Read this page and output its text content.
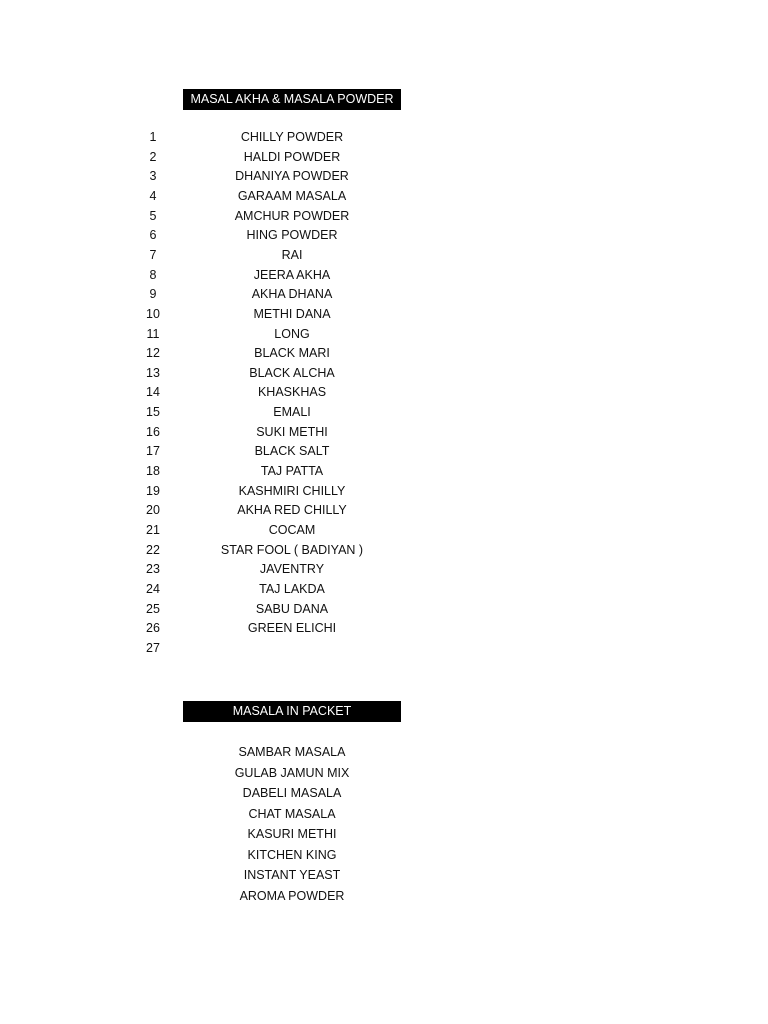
MASAL AKHA & MASALA POWDER
1	CHILLY POWDER
2	HALDI POWDER
3	DHANIYA POWDER
4	GARAAM MASALA
5	AMCHUR POWDER
6	HING POWDER
7	RAI
8	JEERA AKHA
9	AKHA DHANA
10	METHI DANA
11	LONG
12	BLACK MARI
13	BLACK ALCHA
14	KHASKHAS
15	EMALI
16	SUKI METHI
17	BLACK SALT
18	TAJ PATTA
19	KASHMIRI CHILLY
20	AKHA RED CHILLY
21	COCAM
22	STAR FOOL ( BADIYAN )
23	JAVENTRY
24	TAJ LAKDA
25	SABU DANA
26	GREEN ELICHI
27
MASALA IN PACKET
SAMBAR MASALA
GULAB JAMUN MIX
DABELI MASALA
CHAT MASALA
KASURI METHI
KITCHEN KING
INSTANT YEAST
AROMA POWDER
